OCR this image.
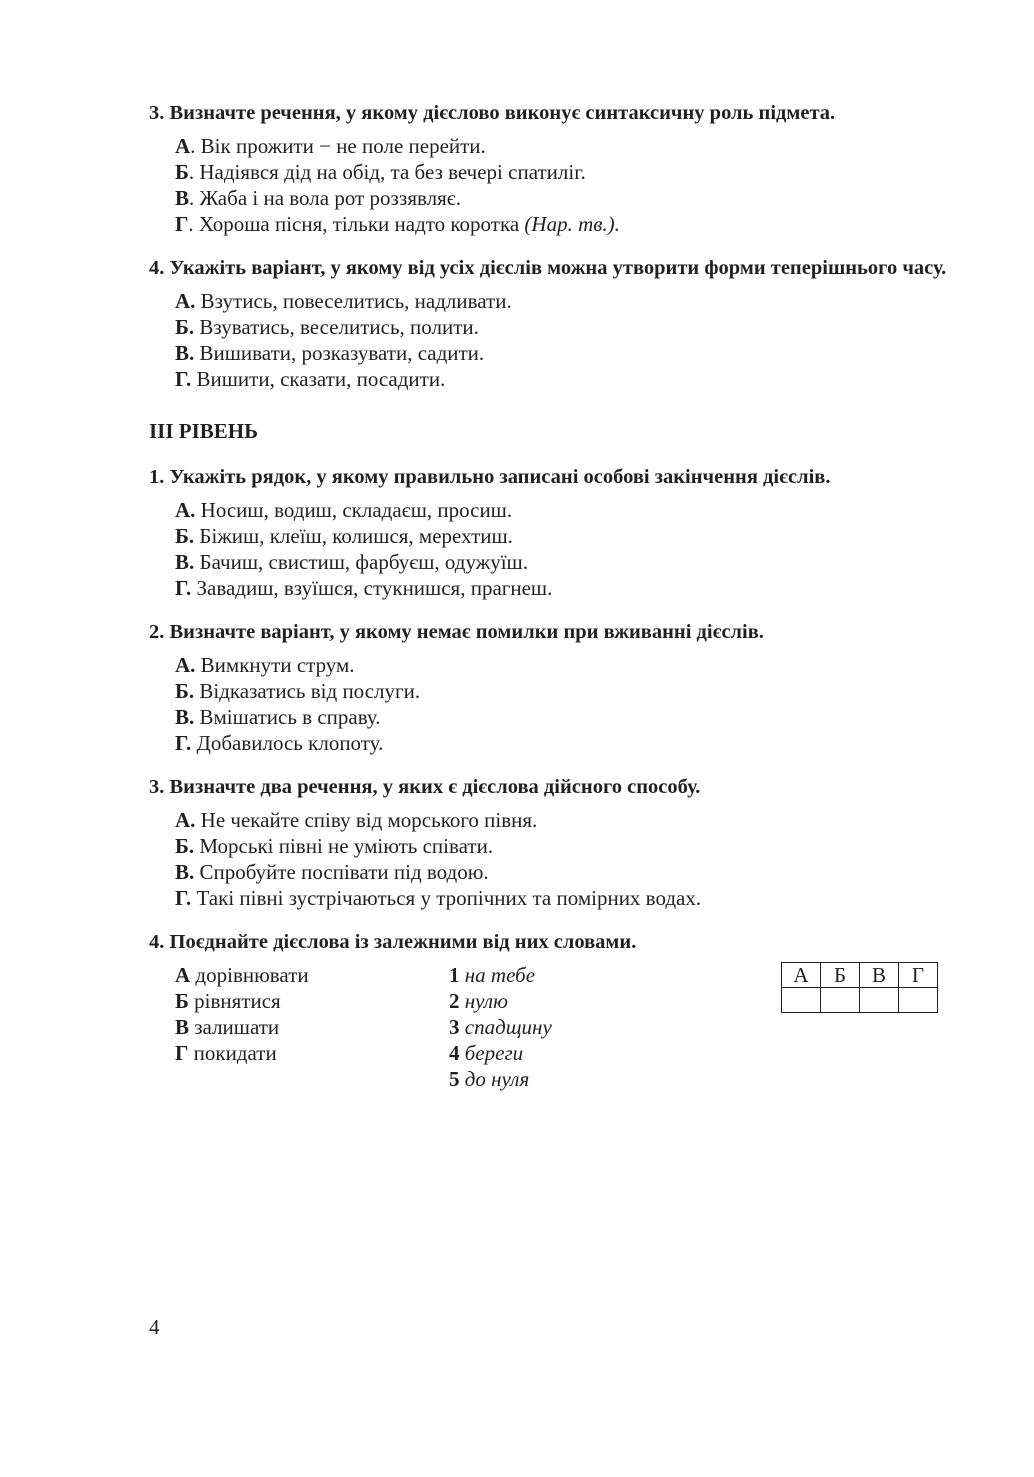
3. Визначте речення, у якому дієслово виконує синтаксичну роль підмета.
А. Вік прожити − не поле перейти.
Б. Надіявся дід на обід, та без вечері спатиліг.
В. Жаба і на вола рот роззявляє.
Г. Хороша пісня, тільки надто коротка (Нар. тв.).
4. Укажіть варіант, у якому від усіх дієслів можна утворити форми теперішнього часу.
А. Взутись, повеселитись, надливати.
Б. Взуватись, веселитись, полити.
В. Вишивати, розказувати, садити.
Г. Вишити, сказати, посадити.
ІІІ РІВЕНЬ
1. Укажіть рядок, у якому правильно записані особові закінчення дієслів.
А. Носиш, водиш, складаєш, просиш.
Б. Біжиш, клеїш, колишся, мерехтиш.
В. Бачиш, свистиш, фарбуєш, одужуїш.
Г. Завадиш, взуїшся, стукнишся, прагнеш.
2. Визначте варіант, у якому немає помилки при вживанні дієслів.
А. Вимкнути струм.
Б. Відказатись від послуги.
В. Вмішатись в справу.
Г. Добавилось клопоту.
3. Визначте два речення, у яких є дієслова дійсного способу.
А. Не чекайте співу від морського півня.
Б. Морські півні не уміють співати.
В. Спробуйте поспівати під водою.
Г. Такі півні зустрічаються у тропічних та помірних водах.
4. Поєднайте дієслова із залежними від них словами.
А дорівнювати
Б рівнятися
В залишати
Г покидати
1 на тебе
2 нулю
3 спадщину
4 береги
5 до нуля
А	Б	В	Г

4
